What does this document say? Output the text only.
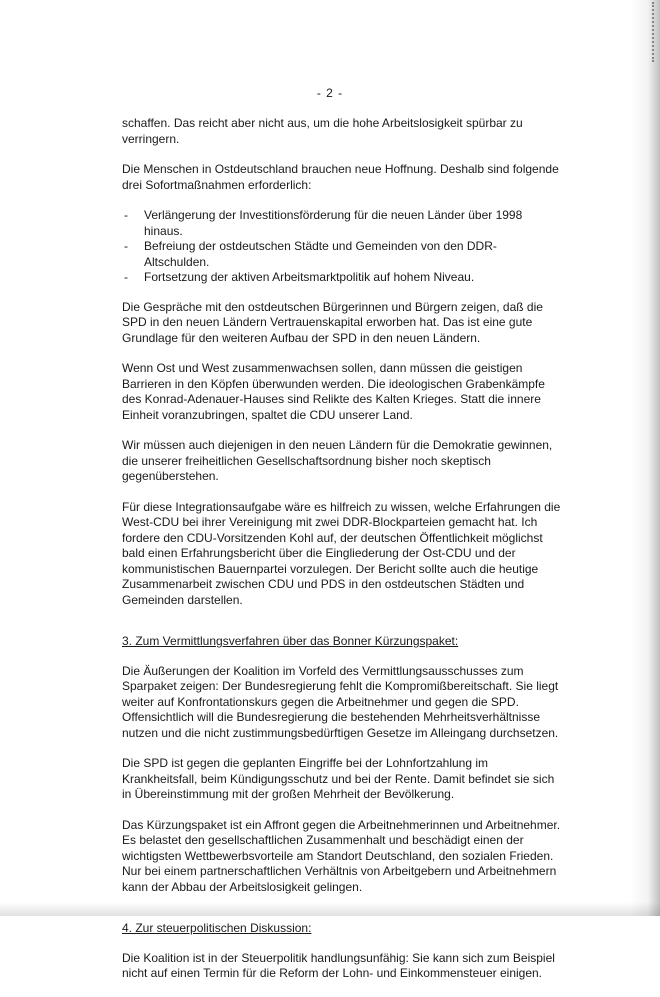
- 2 -

schaffen. Das reicht aber nicht aus, um die hohe Arbeitslosigkeit spürbar zu verringern.

Die Menschen in Ostdeutschland brauchen neue Hoffnung. Deshalb sind folgende drei Sofortmaßnahmen erforderlich:

- Verlängerung der Investitionsförderung für die neuen Länder über 1998 hinaus.
- Befreiung der ostdeutschen Städte und Gemeinden von den DDR-Altschulden.
- Fortsetzung der aktiven Arbeitsmarktpolitik auf hohem Niveau.

Die Gespräche mit den ostdeutschen Bürgerinnen und Bürgern zeigen, daß die SPD in den neuen Ländern Vertrauenskapital erworben hat. Das ist eine gute Grundlage für den weiteren Aufbau der SPD in den neuen Ländern.

Wenn Ost und West zusammenwachsen sollen, dann müssen die geistigen Barrieren in den Köpfen überwunden werden. Die ideologischen Grabenkämpfe des Konrad-Adenauer-Hauses sind Relikte des Kalten Krieges. Statt die innere Einheit voranzubringen, spaltet die CDU unserer Land.

Wir müssen auch diejenigen in den neuen Ländern für die Demokratie gewinnen, die unserer freiheitlichen Gesellschaftsordnung bisher noch skeptisch gegenüberstehen.

Für diese Integrationsaufgabe wäre es hilfreich zu wissen, welche Erfahrungen die West-CDU bei ihrer Vereinigung mit zwei DDR-Blockparteien gemacht hat. Ich fordere den CDU-Vorsitzenden Kohl auf, der deutschen Öffentlichkeit möglichst bald einen Erfahrungsbericht über die Eingliederung der Ost-CDU und der kommunistischen Bauernpartei vorzulegen. Der Bericht sollte auch die heutige Zusammenarbeit zwischen CDU und PDS in den ostdeutschen Städten und Gemeinden darstellen.

3. Zum Vermittlungsverfahren über das Bonner Kürzungspaket:

Die Äußerungen der Koalition im Vorfeld des Vermittlungsausschusses zum Sparpaket zeigen: Der Bundesregierung fehlt die Kompromißbereitschaft. Sie liegt weiter auf Konfrontationskurs gegen die Arbeitnehmer und gegen die SPD. Offensichtlich will die Bundesregierung die bestehenden Mehrheitsverhältnisse nutzen und die nicht zustimmungsbedürftigen Gesetze im Alleingang durchsetzen.

Die SPD ist gegen die geplanten Eingriffe bei der Lohnfortzahlung im Krankheitsfall, beim Kündigungsschutz und bei der Rente. Damit befindet sie sich in Übereinstimmung mit der großen Mehrheit der Bevölkerung.

Das Kürzungspaket ist ein Affront gegen die Arbeitnehmerinnen und Arbeitnehmer. Es belastet den gesellschaftlichen Zusammenhalt und beschädigt einen der wichtigsten Wettbewerbsvorteile am Standort Deutschland, den sozialen Frieden. Nur bei einem partnerschaftlichen Verhältnis von Arbeitgebern und Arbeitnehmern kann der Abbau der Arbeitslosigkeit gelingen.

4. Zur steuerpolitischen Diskussion:

Die Koalition ist in der Steuerpolitik handlungsunfähig: Sie kann sich zum Beispiel nicht auf einen Termin für die Reform der Lohn- und Einkommensteuer einigen.
